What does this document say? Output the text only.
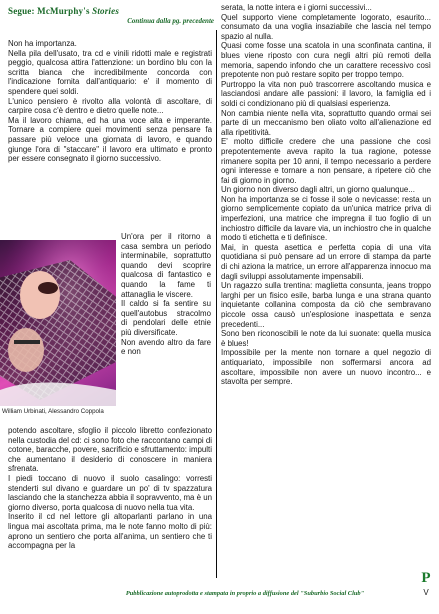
Segue: McMurphy's Stories
Continua dalla pg. precedente

Non ha importanza.

Nella pila dell'usato, tra cd e vinili ridotti male e registrati peggio, qualcosa attira l'attenzione: un bordino blu con la scritta bianca che incredibilmente concorda con l'indicazione fornita dall'antiquario: e' il momento di spendere quei soldi.

L'unico pensiero è rivolto alla volontà di ascoltare, di carpire cosa c'è dentro e dietro quelle note...

Ma il lavoro chiama, ed ha una voce alta e imperante. Tornare a compiere quei movimenti senza pensare fa passare più veloce una giornata di lavoro, e quando giunge l'ora di "staccare" il lavoro era ultimato e pronto per essere consegnato il giorno successivo.

William Urbinati, Alessandro Coppola

Un'ora per il ritorno a casa sembra un periodo interminabile, soprattutto quando devi scoprire qualcosa di fantastico e quando la fame ti attanaglia le viscere.

Il caldo si fa sentire su quell'autobus stracolmo di pendolari delle etnie più diversificate.

Non avendo altro da fare e non

potendo ascoltare, sfoglio il piccolo libretto confezionato nella custodia del cd: ci sono foto che raccontano campi di cotone, baracche, povere, sacrificio e sfruttamento: impulti che aumentano il desiderio di conoscere in maniera sfrenata.

I piedi toccano di nuovo il suolo casalingo: vorresti stenderti sul divano e guardare un po' di tv spazzatura lasciando che la stanchezza abbia il sopravvento, ma è un giorno diverso, porta qualcosa di nuovo nella tua vita.

Inserito il cd nel lettore gli altoparlanti parlano in una lingua mai ascoltata prima, ma le note fanno molto di più: aprono un sentiero che porta all'anima, un sentiero che ti accompagna per la

serata, la notte intera e i giorni successivi...

Quel supporto viene completamente logorato, esaurito... consumato da una voglia insaziabile che lascia nel tempo spazio al nulla.

Quasi come fosse una scatola in una sconfinata cantina, il blues viene riposto con cura negli altri più remoti della memoria, sapendo infondo che un carattere recessivo così prepotente non può restare sopito per troppo tempo.

Purtroppo la vita non può trascorrere ascoltando musica e lasciandosi andare alle passioni: il lavoro, la famiglia ed i soldi ci condizionano più di qualsiasi esperienza.

Non cambia niente nella vita, soprattutto quando ormai sei parte di un meccanismo ben oliato volto all'alienazione ed alla ripetitività.

E' molto difficile credere che una passione che così prepotentemente aveva rapito la tua ragione, potesse rimanere sopita per 10 anni, il tempo necessario a perdere ogni interesse e tornare a non pensare, a ripetere ciò che fai di giorno in giorno.

Un giorno non diverso dagli altri, un giorno qualunque...

Non ha importanza se ci fosse il sole o nevicasse: resta un giorno semplicemente copiato da un'unica matrice priva di imperfezioni, una matrice che impregna il tuo foglio di un inchiostro difficile da lavare via, un inchiostro che in qualche modo ti etichetta e ti definisce.

Mai, in questa asettica e perfetta copia di una vita quotidiana si può pensare ad un errore di stampa da parte di chi aziona la matrice, un errore all'apparenza innocuo ma dagli sviluppi assolutamente impensabili.

Un ragazzo sulla trentina: maglietta consunta, jeans troppo larghi per un fisico esile, barba lunga e una strana quanto inquietante collanina composta da ciò che sembravano piccole ossa causò un'esplosione inaspettata e senza precedenti...

Sono ben riconoscibili le note da lui suonate: quella musica è blues!

Impossibile per la mente non tornare a quel negozio di antiquariato, impossibile non soffermarsi ancora ad ascoltare, impossibile non avere un nuovo incontro... e stavolta per sempre.

P
Pubblicazione autoprodotta e stampata in proprio a diffusione del "Suburbio Social Club"	V
